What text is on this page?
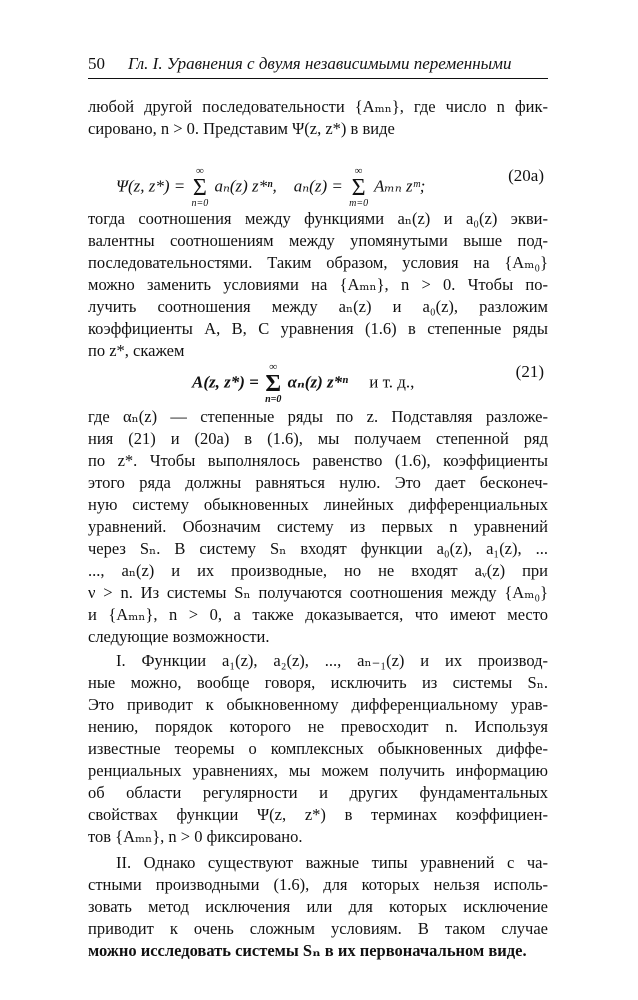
50 Гл. I. Уравнения с двумя независимыми переменными
любой другой последовательности {Aₘₙ}, где число n фик-
сировано, n > 0. Представим Ψ(z, z*) в виде
Ψ(z, z*) =
∞
Σ
n=0
aₙ(z) z*ⁿ, aₙ(z) =
∞
Σ
m=0
Aₘₙ zᵐ;
(20a)
тогда соотношения между функциями aₙ(z) и a₀(z) экви-
валентны соотношениям между упомянутыми выше под-
последовательностями. Таким образом, условия на {Aₘ₀}
можно заменить условиями на {Aₘₙ}, n > 0. Чтобы по-
лучить соотношения между aₙ(z) и a₀(z), разложим
коэффициенты A, B, C уравнения (1.6) в степенные ряды
по z*, скажем
A(z, z*) =
∞
Σ
n=0
αₙ(z) z*ⁿ и т. д.,
(21)
где αₙ(z) — степенные ряды по z. Подставляя разложе-
ния (21) и (20a) в (1.6), мы получаем степенной ряд
по z*. Чтобы выполнялось равенство (1.6), коэффициенты
этого ряда должны равняться нулю. Это дает бесконеч-
ную систему обыкновенных линейных дифференциальных
уравнений. Обозначим систему из первых n уравнений
через Sₙ. В систему Sₙ входят функции a₀(z), a₁(z), ...
..., aₙ(z) и их производные, но не входят aᵥ(z) при
ν > n. Из системы Sₙ получаются соотношения между {Aₘ₀}
и {Aₘₙ}, n > 0, а также доказывается, что имеют место
следующие возможности.
I. Функции a₁(z), a₂(z), ..., aₙ₋₁(z) и их производ-
ные можно, вообще говоря, исключить из системы Sₙ.
Это приводит к обыкновенному дифференциальному урав-
нению, порядок которого не превосходит n. Используя
известные теоремы о комплексных обыкновенных диффе-
ренциальных уравнениях, мы можем получить информацию
об области регулярности и других фундаментальных
свойствах функции Ψ(z, z*) в терминах коэффициен-
тов {Aₘₙ}, n > 0 фиксировано.
II. Однако существуют важные типы уравнений с ча-
стными производными (1.6), для которых нельзя исполь-
зовать метод исключения или для которых исключение
приводит к очень сложным условиям. В таком случае
можно исследовать системы Sₙ в их первоначальном виде.
